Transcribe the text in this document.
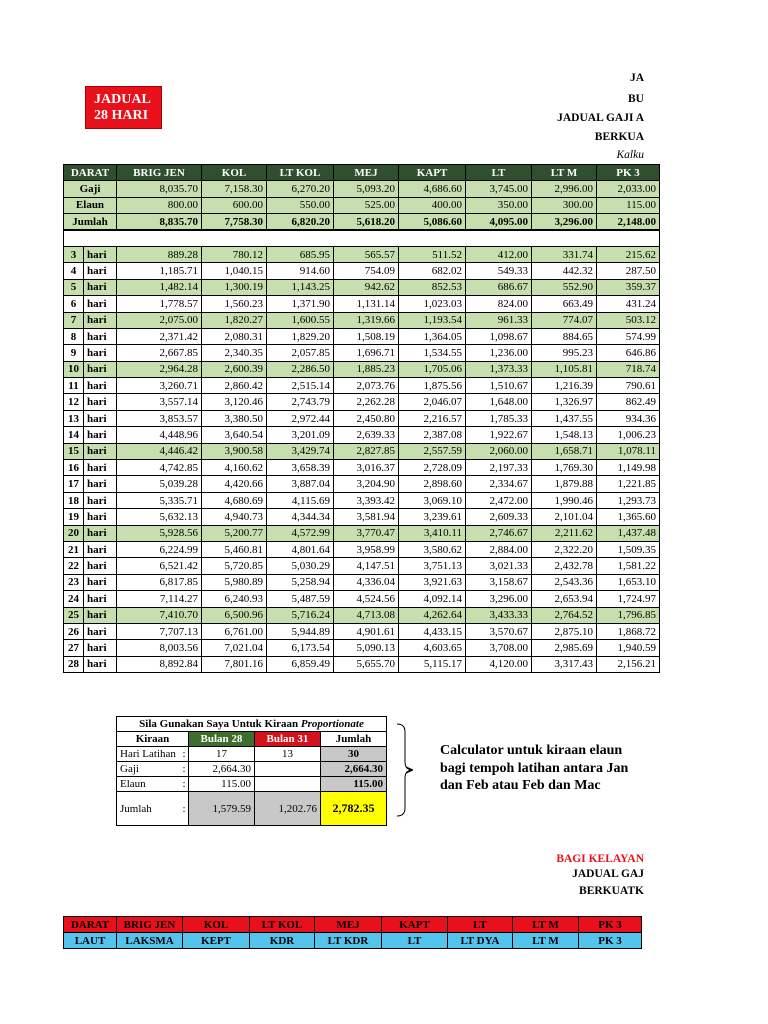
JADUAL
28 HARI
JA
BU
JADUAL GAJI A
BERKUA
Kalku
DARAT		BRIG JEN	KOL	LT KOL	MEJ	KAPT	LT	LT M	PK 3
Gaji		8,035.70	7,158.30	6,270.20	5,093.20	4,686.60	3,745.00	2,996.00	2,033.00
Elaun		800.00	600.00	550.00	525.00	400.00	350.00	300.00	115.00
Jumlah		8,835.70	7,758.30	6,820.20	5,618.20	5,086.60	4,095.00	3,296.00	2,148.00

3	hari	889.28	780.12	685.95	565.57	511.52	412.00	331.74	215.62
4	hari	1,185.71	1,040.15	914.60	754.09	682.02	549.33	442.32	287.50
5	hari	1,482.14	1,300.19	1,143.25	942.62	852.53	686.67	552.90	359.37
6	hari	1,778.57	1,560.23	1,371.90	1,131.14	1,023.03	824.00	663.49	431.24
7	hari	2,075.00	1,820.27	1,600.55	1,319.66	1,193.54	961.33	774.07	503.12
8	hari	2,371.42	2,080.31	1,829.20	1,508.19	1,364.05	1,098.67	884.65	574.99
9	hari	2,667.85	2,340.35	2,057.85	1,696.71	1,534.55	1,236.00	995.23	646.86
10	hari	2,964.28	2,600.39	2,286.50	1,885.23	1,705.06	1,373.33	1,105.81	718.74
11	hari	3,260.71	2,860.42	2,515.14	2,073.76	1,875.56	1,510.67	1,216.39	790.61
12	hari	3,557.14	3,120.46	2,743.79	2,262.28	2,046.07	1,648.00	1,326.97	862.49
13	hari	3,853.57	3,380.50	2,972.44	2,450.80	2,216.57	1,785.33	1,437.55	934.36
14	hari	4,448.96	3,640.54	3,201.09	2,639.33	2,387.08	1,922.67	1,548.13	1,006.23
15	hari	4,446.42	3,900.58	3,429.74	2,827.85	2,557.59	2,060.00	1,658.71	1,078.11
16	hari	4,742.85	4,160.62	3,658.39	3,016.37	2,728.09	2,197.33	1,769.30	1,149.98
17	hari	5,039.28	4,420.66	3,887.04	3,204.90	2,898.60	2,334.67	1,879.88	1,221.85
18	hari	5,335.71	4,680.69	4,115.69	3,393.42	3,069.10	2,472.00	1,990.46	1,293.73
19	hari	5,632.13	4,940.73	4,344.34	3,581.94	3,239.61	2,609.33	2,101.04	1,365.60
20	hari	5,928.56	5,200.77	4,572.99	3,770.47	3,410.11	2,746.67	2,211.62	1,437.48
21	hari	6,224.99	5,460.81	4,801.64	3,958.99	3,580.62	2,884.00	2,322.20	1,509.35
22	hari	6,521.42	5,720.85	5,030.29	4,147.51	3,751.13	3,021.33	2,432.78	1,581.22
23	hari	6,817.85	5,980.89	5,258.94	4,336.04	3,921.63	3,158.67	2,543.36	1,653.10
24	hari	7,114.27	6,240.93	5,487.59	4,524.56	4,092.14	3,296.00	2,653.94	1,724.97
25	hari	7,410.70	6,500.96	5,716.24	4,713.08	4,262.64	3,433.33	2,764.52	1,796.85
26	hari	7,707.13	6,761.00	5,944.89	4,901.61	4,433.15	3,570.67	2,875.10	1,868.72
27	hari	8,003.56	7,021.04	6,173.54	5,090.13	4,603.65	3,708.00	2,985.69	1,940.59
28	hari	8,892.84	7,801.16	6,859.49	5,655.70	5,115.17	4,120.00	3,317.43	2,156.21
Sila Gunakan Saya Untuk Kiraan Proportionate				
Kiraan		Bulan 28	Bulan 31	Jumlah
Hari Latihan	:	17	13	30
Gaji	:	2,664.30		2,664.30
Elaun	:	115.00		115.00
Jumlah	:	1,579.59	1,202.76	2,782.35
Calculator untuk kiraan elaun
bagi tempoh latihan antara Jan
dan Feb atau Feb dan Mac
BAGI KELAYAN
JADUAL GAJ
BERKUATK
DARAT	BRIG JEN	KOL	LT KOL	MEJ	KAPT	LT	LT M	PK 3
LAUT	LAKSMA	KEPT	KDR	LT KDR	LT	LT DYA	LT M	PK 3
